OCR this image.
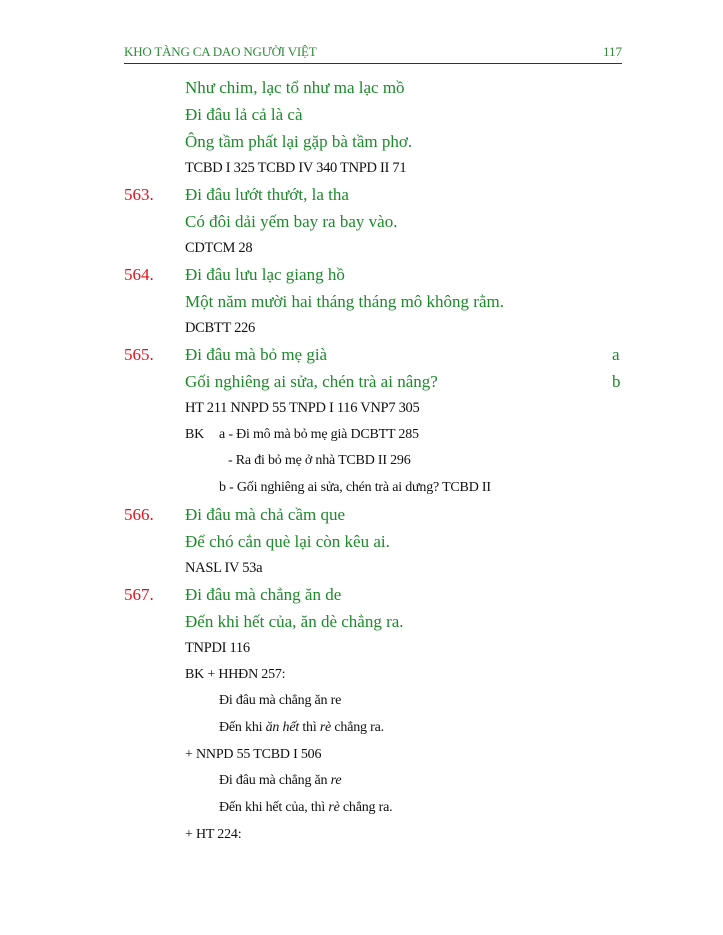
KHO TÀNG CA DAO NGƯỜI VIỆT	117
Như chim, lạc tổ như ma lạc mồ
Đi đâu lả cả là cà
Ông tầm phất lại gặp bà tầm phơ.
TCBD I 325 TCBD IV 340 TNPD II 71
563. Đi đâu lướt thướt, la tha
Có đôi dải yếm bay ra bay vào.
CDTCM 28
564. Đi đâu lưu lạc giang hồ
Một năm mười hai tháng tháng mô không rằm.
DCBTT 226
565. Đi đâu mà bỏ mẹ già	a
Gối nghiêng ai sửa, chén trà ai nâng?	b
HT 211 NNPD 55 TNPD I 116 VNP7 305
BK a - Đi mô mà bỏ mẹ già DCBTT 285
- Ra đi bỏ mẹ ở nhà TCBD II 296
b - Gối nghiêng ai sửa, chén trà ai dưng? TCBD II
566. Đi đâu mà chả cầm que
Để chó cắn què lại còn kêu ai.
NASL IV 53a
567. Đi đâu mà chẳng ăn de
Đến khi hết của, ăn dè chẳng ra.
TNPDI 116
BK + HHĐN 257:
Đi đâu mà chẳng ăn re
Đến khi ăn hết thì rè chẳng ra.
+ NNPD 55 TCBD I 506
Đi đâu mà chẳng ăn re
Đến khi hết của, thì rè chẳng ra.
+ HT 224:
